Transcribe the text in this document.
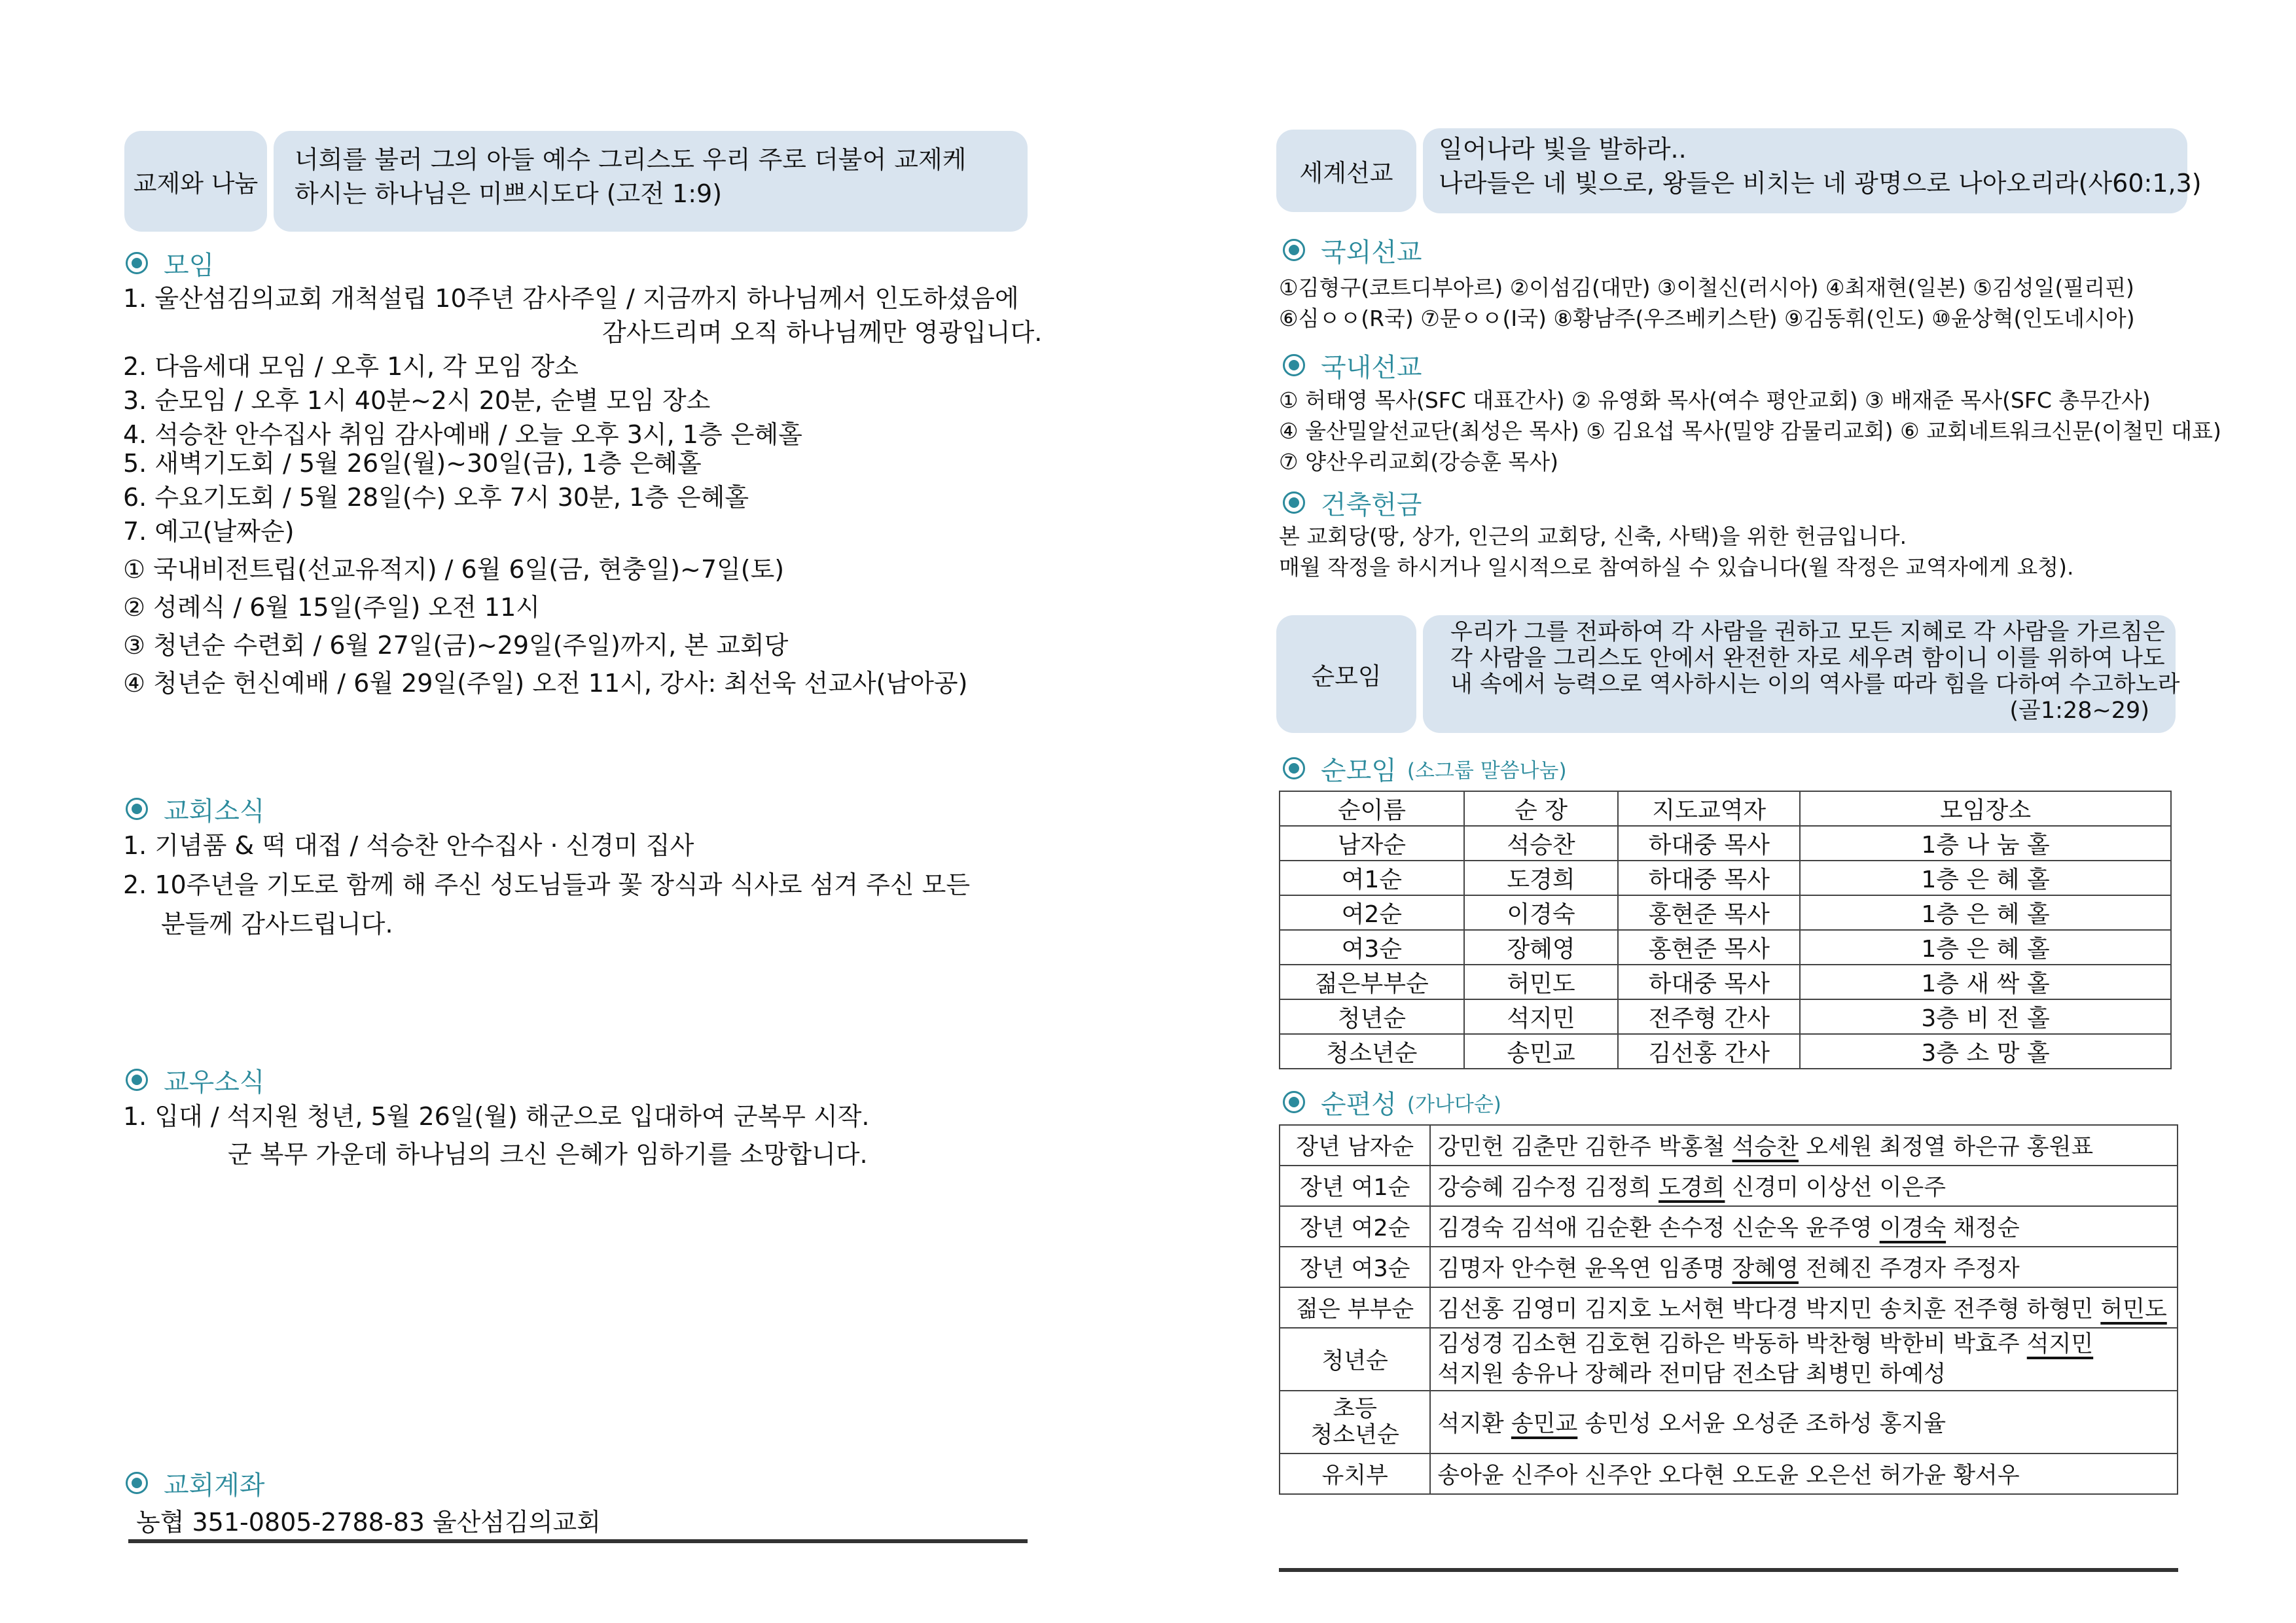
교제와 나눔
너희를 불러 그의 아들 예수 그리스도 우리 주로 더불어 교제케
하시는 하나님은 미쁘시도다 (고전 1:9)
모임
1. 울산섬김의교회 개척설립 10주년 감사주일 / 지금까지 하나님께서 인도하셨음에
감사드리며 오직 하나님께만 영광입니다.
2. 다음세대 모임 / 오후 1시, 각 모임 장소
3. 순모임 / 오후 1시 40분~2시 20분, 순별 모임 장소
4. 석승찬 안수집사 취임 감사예배 / 오늘 오후 3시, 1층 은혜홀
5. 새벽기도회 / 5월 26일(월)~30일(금), 1층 은혜홀
6. 수요기도회 / 5월 28일(수) 오후 7시 30분, 1층 은혜홀
7. 예고(날짜순)
① 국내비전트립(선교유적지) / 6월 6일(금, 현충일)~7일(토)
② 성례식 / 6월 15일(주일) 오전 11시
③ 청년순 수련회 / 6월 27일(금)~29일(주일)까지, 본 교회당
④ 청년순 헌신예배 / 6월 29일(주일) 오전 11시, 강사: 최선욱 선교사(남아공)
교회소식
1. 기념품 & 떡 대접 / 석승찬 안수집사 · 신경미 집사
2. 10주년을 기도로 함께 해 주신 성도님들과 꽃 장식과 식사로 섬겨 주신 모든
분들께 감사드립니다.
교우소식
1. 입대 / 석지원 청년, 5월 26일(월) 해군으로 입대하여 군복무 시작.
군 복무 가운데 하나님의 크신 은혜가 임하기를 소망합니다.
교회계좌
농협 351-0805-2788-83 울산섬김의교회
세계선교
일어나라 빛을 발하라..
나라들은 네 빛으로, 왕들은 비치는 네 광명으로 나아오리라(사60:1,3)
국외선교
①김형구(코트디부아르) ②이섬김(대만) ③이철신(러시아) ④최재현(일본) ⑤김성일(필리핀)
⑥심ㅇㅇ(R국) ⑦문ㅇㅇ(I국) ⑧황남주(우즈베키스탄) ⑨김동휘(인도) ⑩윤상혁(인도네시아)
국내선교
① 허태영 목사(SFC 대표간사) ② 유영화 목사(여수 평안교회) ③ 배재준 목사(SFC 총무간사)
④ 울산밀알선교단(최성은 목사) ⑤ 김요섭 목사(밀양 감물리교회) ⑥ 교회네트워크신문(이철민 대표)
⑦ 양산우리교회(강승훈 목사)
건축헌금
본 교회당(땅, 상가, 인근의 교회당, 신축, 사택)을 위한 헌금입니다.
매월 작정을 하시거나 일시적으로 참여하실 수 있습니다(월 작정은 교역자에게 요청).
순모임
우리가 그를 전파하여 각 사람을 권하고 모든 지혜로 각 사람을 가르침은
각 사람을 그리스도 안에서 완전한 자로 세우려 함이니 이를 위하여 나도
내 속에서 능력으로 역사하시는 이의 역사를 따라 힘을 다하여 수고하노라
(골1:28~29)
순모임 (소그룹 말씀나눔)
순이름	순 장	지도교역자	모임장소
남자순	석승찬	하대중 목사	1층 나 눔 홀
여1순	도경희	하대중 목사	1층 은 혜 홀
여2순	이경숙	홍현준 목사	1층 은 혜 홀
여3순	장혜영	홍현준 목사	1층 은 혜 홀
젊은부부순	허민도	하대중 목사	1층 새 싹 홀
청년순	석지민	전주형 간사	3층 비 전 홀
청소년순	송민교	김선홍 간사	3층 소 망 홀
순편성 (가나다순)
장년 남자순	강민헌 김춘만 김한주 박홍철 석승찬 오세원 최정열 하은규 홍원표
장년 여1순	강승혜 김수정 김정희 도경희 신경미 이상선 이은주
장년 여2순	김경숙 김석애 김순환 손수정 신순옥 윤주영 이경숙 채정순
장년 여3순	김명자 안수현 윤옥연 임종명 장혜영 전혜진 주경자 주정자
젊은 부부순	김선홍 김영미 김지호 노서현 박다경 박지민 송치훈 전주형 하형민 허민도
청년순	김성경 김소현 김호현 김하은 박동하 박찬형 박한비 박효주 석지민
석지원 송유나 장혜라 전미담 전소담 최병민 하예성

초등
청소년순	석지환 송민교 송민성 오서윤 오성준 조하성 홍지율
유치부	송아윤 신주아 신주안 오다현 오도윤 오은선 허가윤 황서우
